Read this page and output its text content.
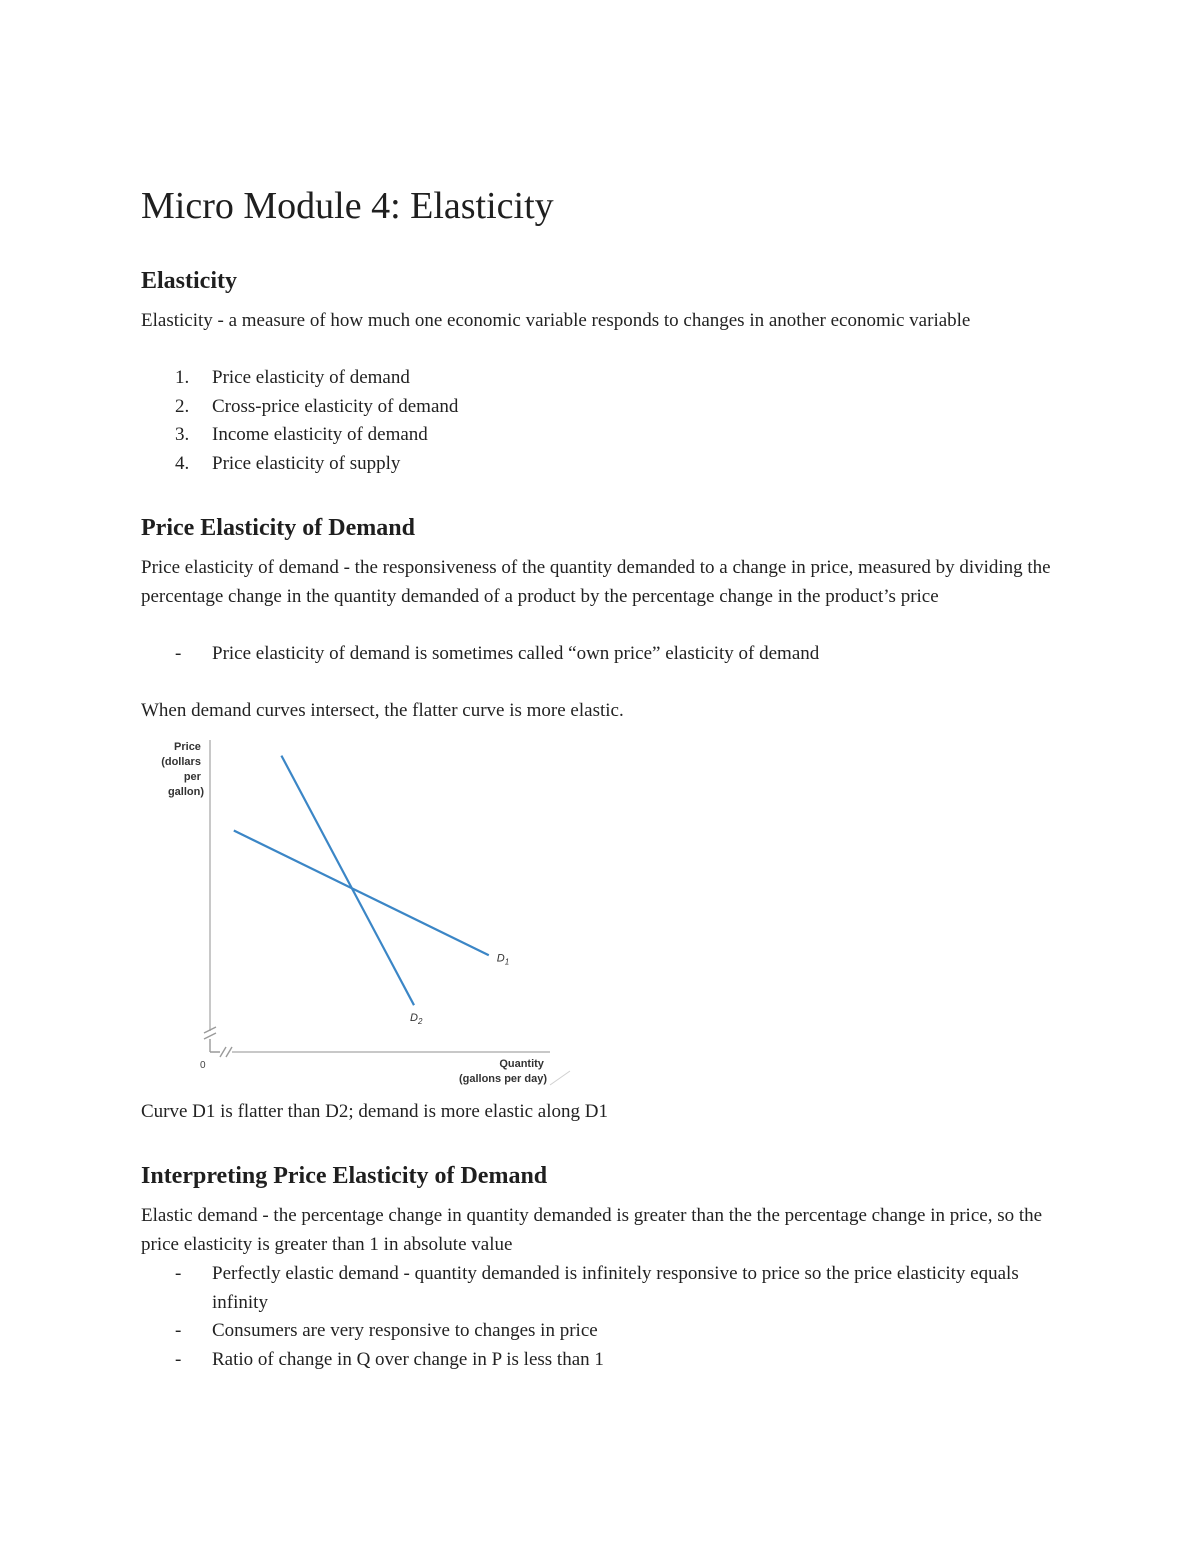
Micro Module 4: Elasticity
Elasticity

Elasticity - a measure of how much one economic variable responds to changes in another economic variable

1.	Price elasticity of demand
2.	Cross-price elasticity of demand
3.	Income elasticity of demand
4.	Price elasticity of supply
Price Elasticity of Demand

Price elasticity of demand - the responsiveness of the quantity demanded to a change in price, measured by dividing the percentage change in the quantity demanded of a product by the percentage change in the product’s price

-	Price elasticity of demand is sometimes called “own price” elasticity of demand

When demand curves intersect, the flatter curve is more elastic.

Price (dollars per gallon)
Quantity (gallons per day)
0
$D_1$
$D_2$

Curve D1 is flatter than D2; demand is more elastic along D1

Interpreting Price Elasticity of Demand

Elastic demand - the percentage change in quantity demanded is greater than the the percentage change in price, so the price elasticity is greater than 1 in absolute value

-	Perfectly elastic demand - quantity demanded is infinitely responsive to price so the price elasticity equals infinity
-	Consumers are very responsive to changes in price
-	Ratio of change in Q over change in P is less than 1
